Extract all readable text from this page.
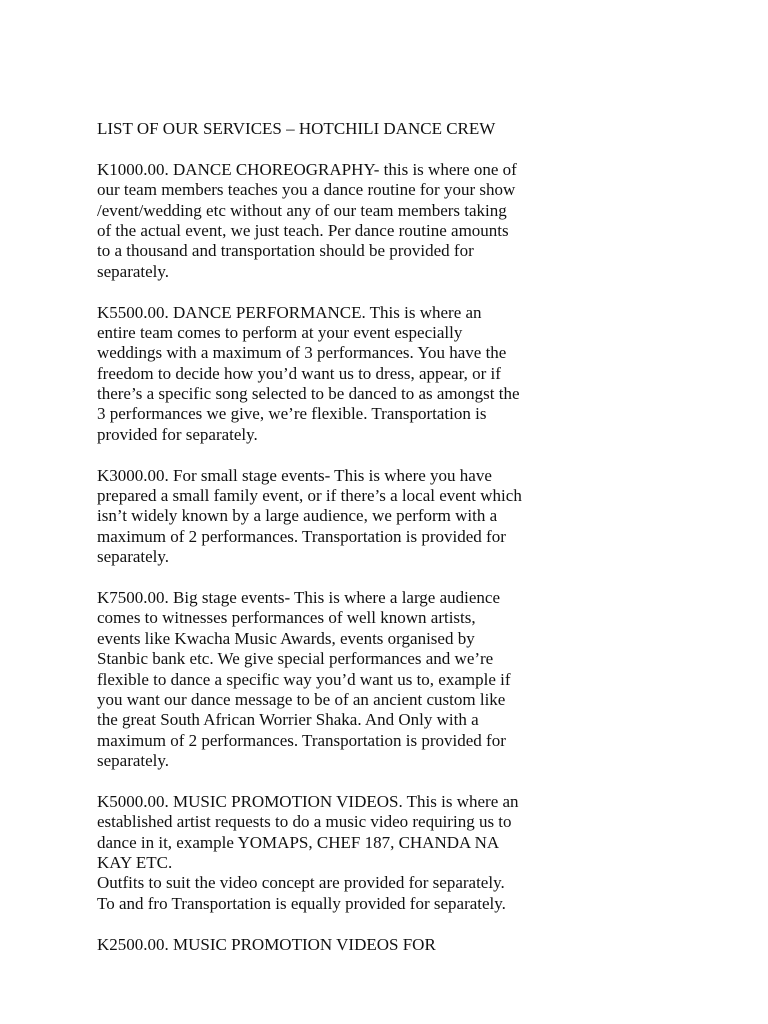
LIST OF OUR SERVICES – HOTCHILI DANCE CREW
K1000.00. DANCE CHOREOGRAPHY- this is where one of
our team members teaches you a dance routine for your show
/event/wedding etc without any of our team members taking
of the actual event, we just teach. Per dance routine amounts
to a thousand and transportation should be provided for
separately.
K5500.00. DANCE PERFORMANCE. This is where an
entire team comes to perform at your event especially
weddings with a maximum of 3 performances. You have the
freedom to decide how you’d want us to dress, appear, or if
there’s a specific song selected to be danced to as amongst the
3 performances we give, we’re flexible. Transportation is
provided for separately.
K3000.00. For small stage events- This is where you have
prepared a small family event, or if there’s a local event which
isn’t widely known by a large audience, we perform with a
maximum of 2 performances. Transportation is provided for
separately.
K7500.00. Big stage events- This is where a large audience
comes to witnesses performances of well known artists,
events like Kwacha Music Awards, events organised by
Stanbic bank etc. We give special performances and we’re
flexible to dance a specific way you’d want us to, example if
you want our dance message to be of an ancient custom like
the great South African Worrier Shaka. And Only with a
maximum of 2 performances. Transportation is provided for
separately.
K5000.00. MUSIC PROMOTION VIDEOS. This is where an
established artist requests to do a music video requiring us to
dance in it, example YOMAPS, CHEF 187, CHANDA NA
KAY ETC.
Outfits to suit the video concept are provided for separately.
To and fro Transportation is equally provided for separately.
K2500.00. MUSIC PROMOTION VIDEOS FOR
